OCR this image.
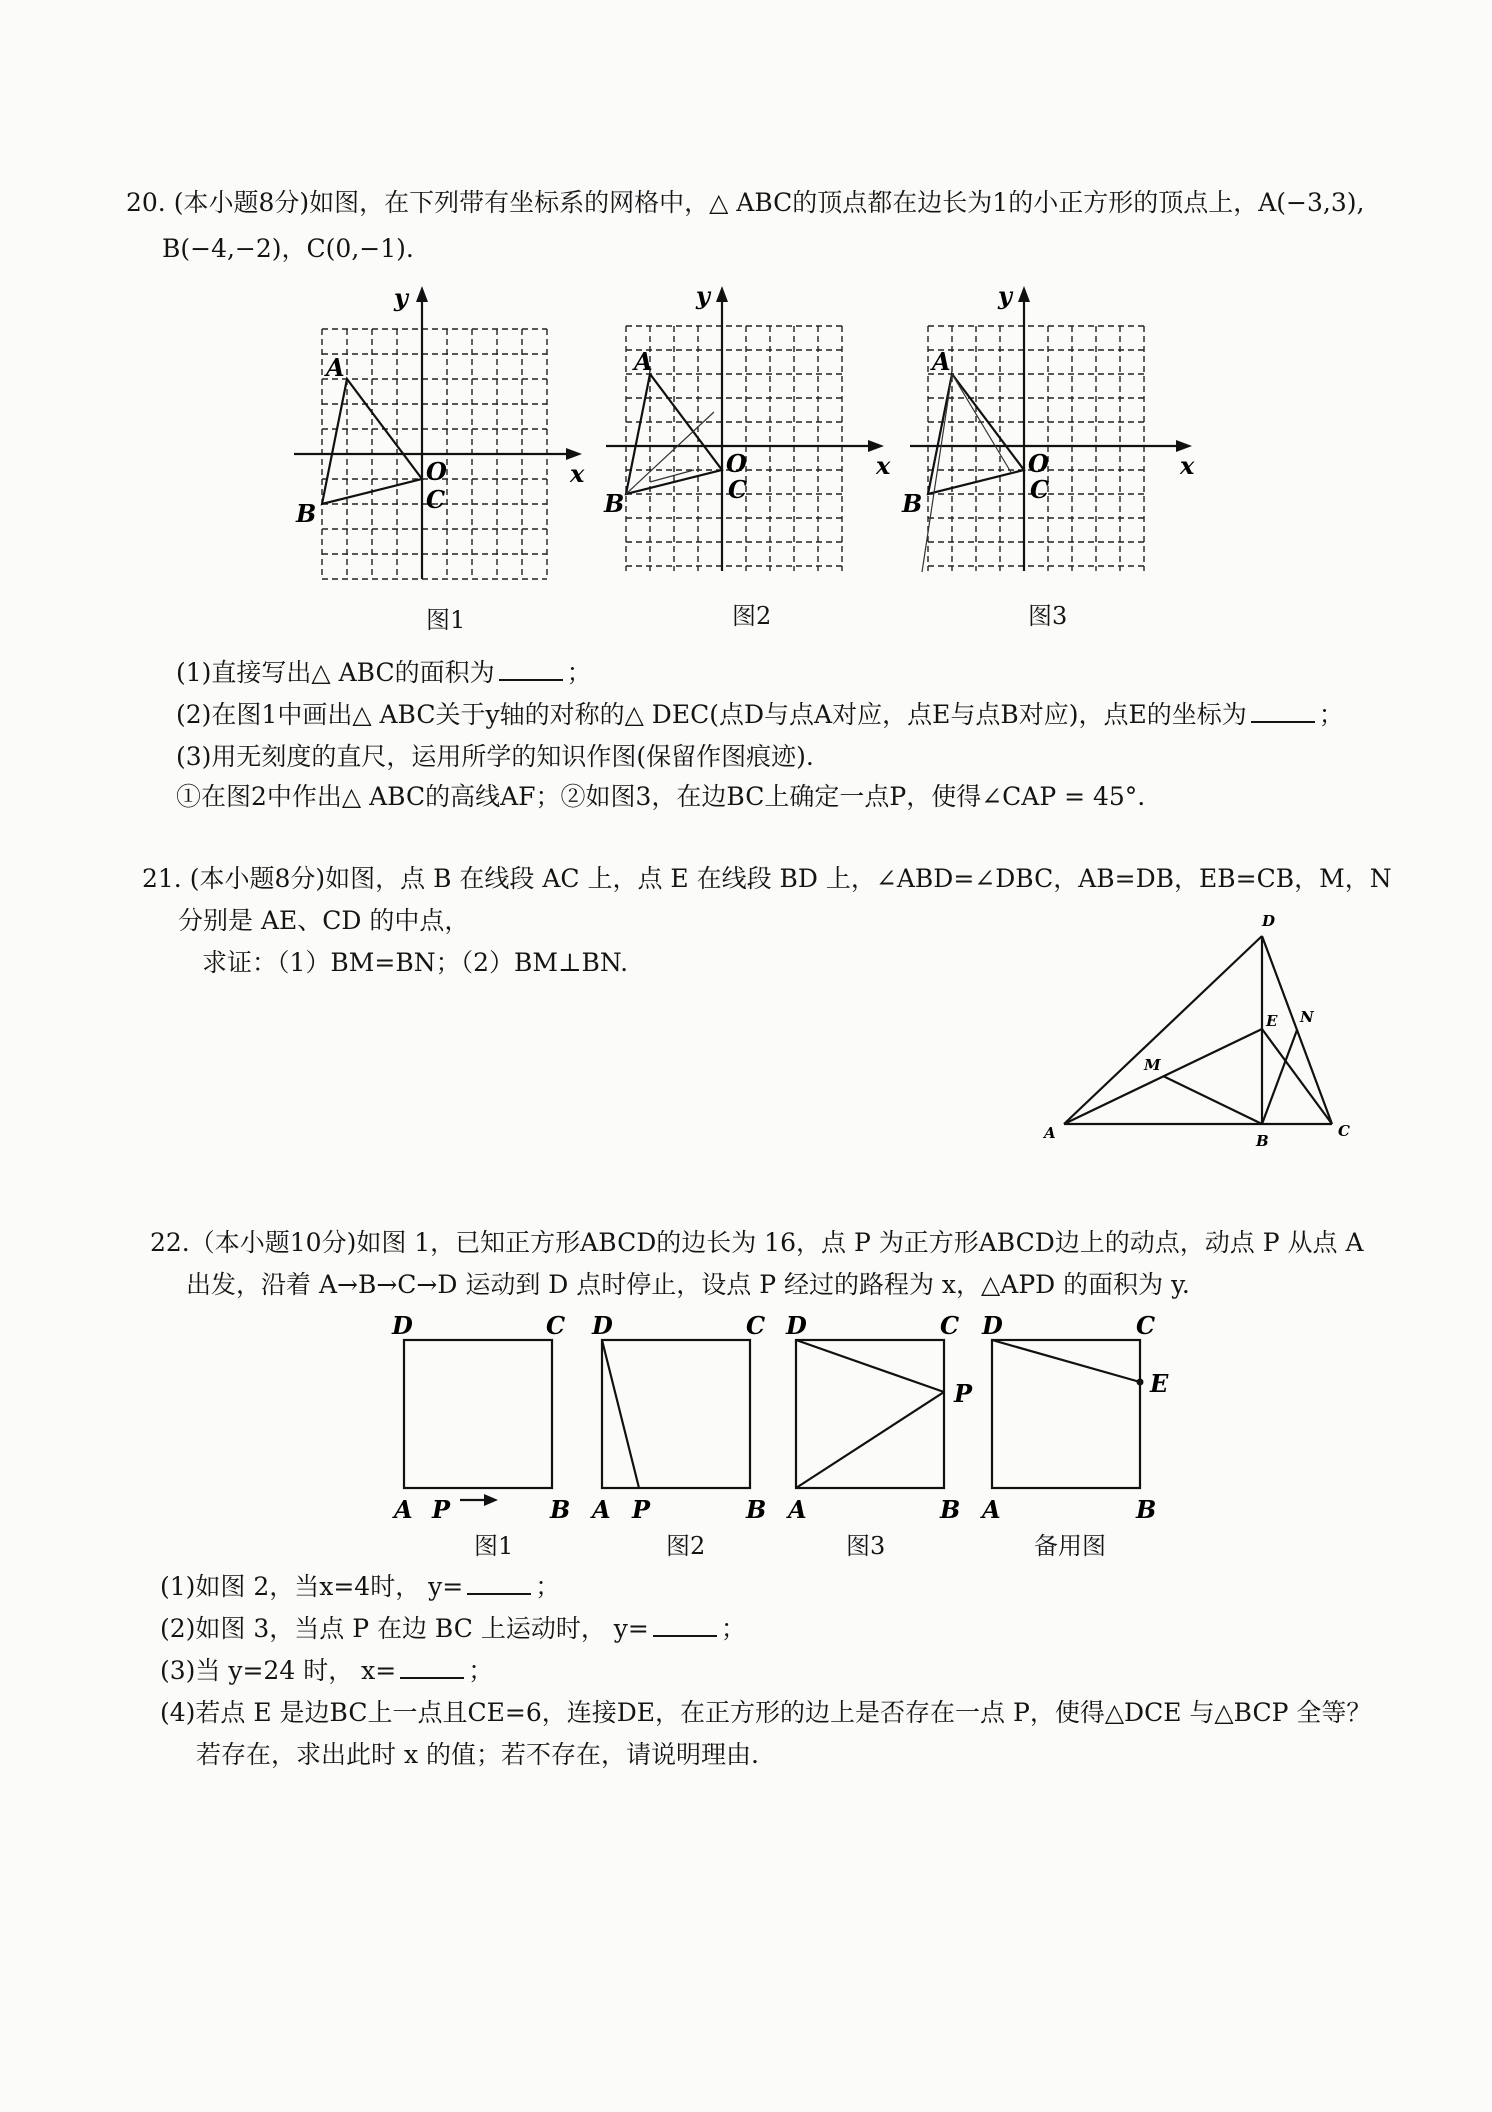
20. (本小题8分)如图，在下列带有坐标系的网格中，△ ABC的顶点都在边长为1的小正方形的顶点上，A(−3,3),
B(−4,−2)，C(0,−1).
y
x
O
A
B	C
图1
y
x
O
A
B	C
图2
y
x
O
A
B	C
图3
(1)直接写出△ ABC的面积为	；
(2)在图1中画出△ ABC关于y轴的对称的△ DEC(点D与点A对应，点E与点B对应)，点E的坐标为	；
(3)用无刻度的直尺，运用所学的知识作图(保留作图痕迹).
①在图2中作出△ ABC的高线AF；②如图3，在边BC上确定一点P，使得∠CAP = 45°.
21. (本小题8分)如图，点 B 在线段 AC 上，点 E 在线段 BD 上，∠ABD=∠DBC，AB=DB，EB=CB，M，N
分别是 AE、CD 的中点，
求证：（1）BM=BN；（2）BM⊥BN.
D
E N
M
A	B
C
22.（本小题10分)如图 1，已知正方形ABCD的边长为 16，点 P 为正方形ABCD边上的动点，动点 P 从点 A
出发，沿着 A→B→C→D 运动到 D 点时停止，设点 P 经过的路程为 x，△APD 的面积为 y.
D	C
A P	B
图1
D	C
A P	B
图2
D	C
P
A	B
图3
D	C
E
A	B
备用图
(1)如图 2，当x=4时， y=	；
(2)如图 3，当点 P 在边 BC 上运动时， y=	；
(3)当 y=24 时， x=	；
(4)若点 E 是边BC上一点且CE=6，连接DE，在正方形的边上是否存在一点 P，使得△DCE 与△BCP 全等？
若存在，求出此时 x 的值；若不存在，请说明理由.
